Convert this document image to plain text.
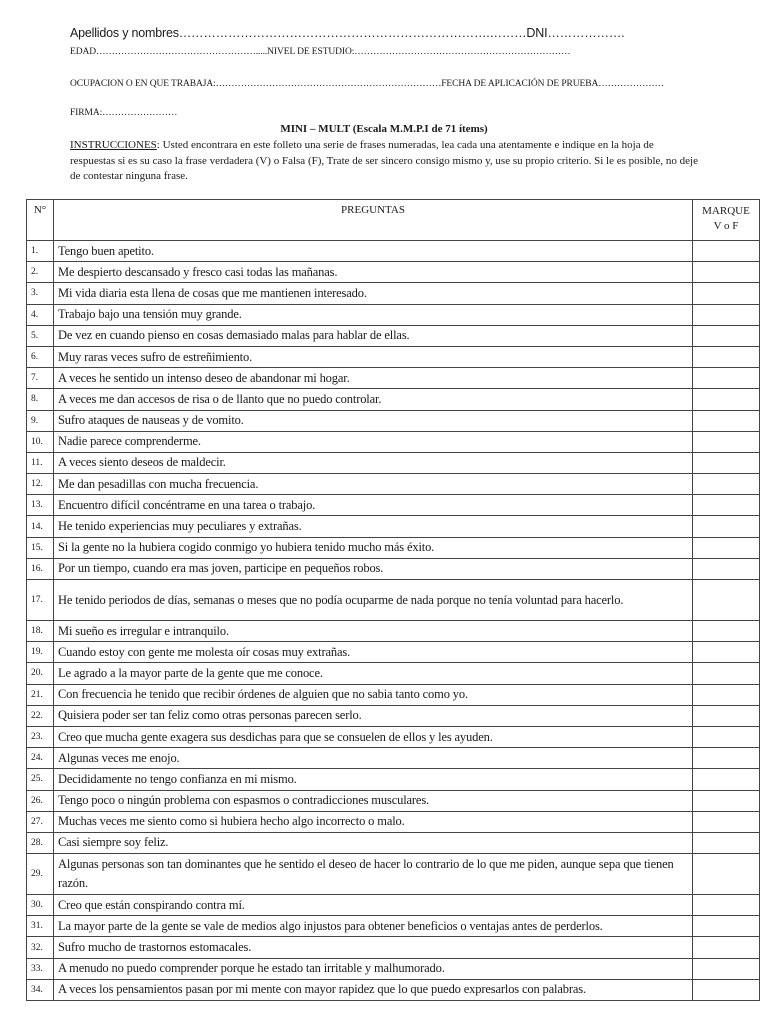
Apellidos y nombres………………………………………………………………….………DNI……………….
EDAD…………………………………………….....NIVEL DE ESTUDIO:……………………………………………………………
OCUPACION O EN QUE TRABAJA:………………………………………………………………FECHA DE APLICACIÓN DE PRUEBA…………………
FIRMA:……………………
MINI – MULT (Escala M.M.P.I de 71 ítems)
INSTRUCCIONES: Usted encontrara en este folleto una serie de frases numeradas, lea cada una atentamente e indique en la hoja de respuestas si es su caso la frase verdadera (V) o Falsa (F), Trate de ser sincero consigo mismo y, use su propio criterio. Si le es posible, no deje de contestar ninguna frase.
N°	PREGUNTAS	MARQUE V o F
1.	Tengo buen apetito.	
2.	Me despierto descansado y fresco casi todas las mañanas.	
3.	Mi vida diaria esta llena de cosas que me mantienen interesado.	
4.	Trabajo bajo una tensión muy grande.	
5.	De vez en cuando pienso en cosas demasiado malas para hablar de ellas.	
6.	Muy raras veces sufro de estreñimiento.	
7.	A veces he sentido un intenso deseo de abandonar mi hogar.	
8.	A veces me dan accesos de risa o de llanto que no puedo controlar.	
9.	Sufro ataques de nauseas y de vomito.	
10.	Nadie parece comprenderme.	
11.	A veces siento deseos de maldecir.	
12.	Me dan pesadillas con mucha frecuencia.	
13.	Encuentro difícil concéntrame en una tarea o trabajo.	
14.	He tenido experiencias muy peculiares y extrañas.	
15.	Si la gente no la hubiera cogido conmigo yo hubiera tenido mucho más éxito.	
16.	Por un tiempo, cuando era mas joven, participe en pequeños robos.	
17.	He tenido periodos de días, semanas o meses que no podía ocuparme de nada porque no tenía voluntad para hacerlo.	
18.	Mi sueño es irregular e intranquilo.	
19.	Cuando estoy con gente me molesta oír cosas muy extrañas.	
20.	Le agrado a la mayor parte de la gente que me conoce.	
21.	Con frecuencia he tenido que recibir órdenes de alguien que no sabia tanto como yo.	
22.	Quisiera poder ser tan feliz como otras personas parecen serlo.	
23.	Creo que mucha gente exagera sus desdichas para que se consuelen de ellos y les ayuden.	
24.	Algunas veces me enojo.	
25.	Decididamente no tengo confianza en mi mismo.	
26.	Tengo poco o ningún problema con espasmos o contradicciones musculares.	
27.	Muchas veces me siento como si hubiera hecho algo incorrecto o malo.	
28.	Casi siempre soy feliz.	
29.	Algunas personas son tan dominantes que he sentido el deseo de hacer lo contrario de lo que me piden, aunque sepa que tienen razón.	
30.	Creo que están conspirando contra mí.	
31.	La mayor parte de la gente se vale de medios algo injustos para obtener beneficios o ventajas antes de perderlos.	
32.	Sufro mucho de trastornos estomacales.	
33.	A menudo no puedo comprender porque he estado tan irritable y malhumorado.	
34.	A veces los pensamientos pasan por mi mente con mayor rapidez que lo que puedo expresarlos con palabras.	
